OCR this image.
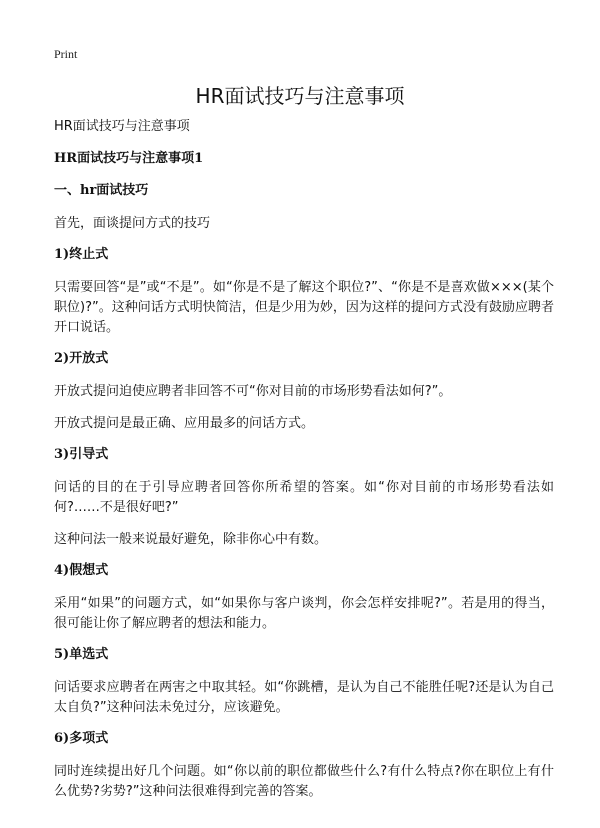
Print
HR面试技巧与注意事项

HR面试技巧与注意事项

HR面试技巧与注意事项1

一、hr面试技巧

首先，面谈提问方式的技巧

1)终止式

只需要回答“是”或“不是”。如“你是不是了解这个职位?”、“你是不是喜欢做×××(某个职位)?”。这种问话方式明快简洁，但是少用为妙，因为这样的提问方式没有鼓励应聘者开口说话。

2)开放式

开放式提问迫使应聘者非回答不可“你对目前的市场形势看法如何?”。

开放式提问是最正确、应用最多的问话方式。

3)引导式

问话的目的在于引导应聘者回答你所希望的答案。如“你对目前的市场形势看法如何?……不是很好吧?”

这种问法一般来说最好避免，除非你心中有数。

4)假想式

采用“如果”的问题方式，如“如果你与客户谈判，你会怎样安排呢?”。若是用的得当，很可能让你了解应聘者的想法和能力。

5)单选式

问话要求应聘者在两害之中取其轻。如“你跳槽，是认为自己不能胜任呢?还是认为自己太自负?”这种问法未免过分，应该避免。

6)多项式

同时连续提出好几个问题。如“你以前的职位都做些什么?有什么特点?你在职位上有什么优势?劣势?”这种问法很难得到完善的答案。
